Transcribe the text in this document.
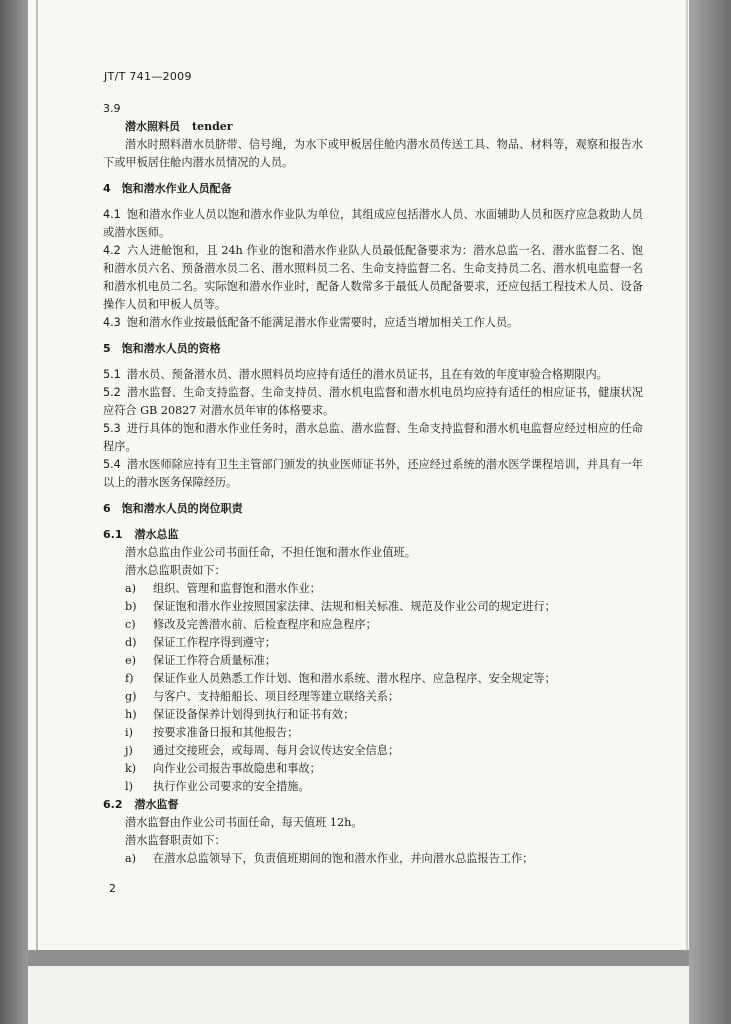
JT/T 741—2009
3.9
潜水照料员 tender

潜水时照料潜水员脐带、信号绳，为水下或甲板居住舱内潜水员传送工具、物品、材料等，观察和报告水下或甲板居住舱内潜水员情况的人员。

4　饱和潜水作业人员配备

4.1 饱和潜水作业人员以饱和潜水作业队为单位，其组成应包括潜水人员、水面辅助人员和医疗应急救助人员或潜水医师。

4.2 六人进舱饱和，且 24h 作业的饱和潜水作业队人员最低配备要求为：潜水总监一名、潜水监督二名、饱和潜水员六名、预备潜水员二名、潜水照料员二名、生命支持监督二名、生命支持员二名、潜水机电监督一名和潜水机电员二名。实际饱和潜水作业时，配备人数常多于最低人员配备要求，还应包括工程技术人员、设备操作人员和甲板人员等。

4.3 饱和潜水作业按最低配备不能满足潜水作业需要时，应适当增加相关工作人员。

5　饱和潜水人员的资格

5.1 潜水员、预备潜水员、潜水照料员均应持有适任的潜水员证书，且在有效的年度审验合格期限内。

5.2 潜水监督、生命支持监督、生命支持员、潜水机电监督和潜水机电员均应持有适任的相应证书，健康状况应符合 GB 20827 对潜水员年审的体格要求。

5.3 进行具体的饱和潜水作业任务时，潜水总监、潜水监督、生命支持监督和潜水机电监督应经过相应的任命程序。

5.4 潜水医师除应持有卫生主管部门颁发的执业医师证书外，还应经过系统的潜水医学课程培训，并具有一年以上的潜水医务保障经历。

6　饱和潜水人员的岗位职责
6.1 潜水总监

潜水总监由作业公司书面任命，不担任饱和潜水作业值班。

潜水总监职责如下：

a)	组织、管理和监督饱和潜水作业；
b)	保证饱和潜水作业按照国家法律、法规和相关标准、规范及作业公司的规定进行；
c)	修改及完善潜水前、后检查程序和应急程序；
d)	保证工作程序得到遵守；
e)	保证工作符合质量标准；
f)	保证作业人员熟悉工作计划、饱和潜水系统、潜水程序、应急程序、安全规定等；
g)	与客户、支持船船长、项目经理等建立联络关系；
h)	保证设备保养计划得到执行和证书有效；
i)	按要求准备日报和其他报告；
j)	通过交接班会，或每周、每月会议传达安全信息；
k)	向作业公司报告事故隐患和事故；
l)	执行作业公司要求的安全措施。
6.2 潜水监督

潜水监督由作业公司书面任命，每天值班 12h。

潜水监督职责如下：

a)	在潜水总监领导下，负责值班期间的饱和潜水作业，并向潜水总监报告工作；
2
